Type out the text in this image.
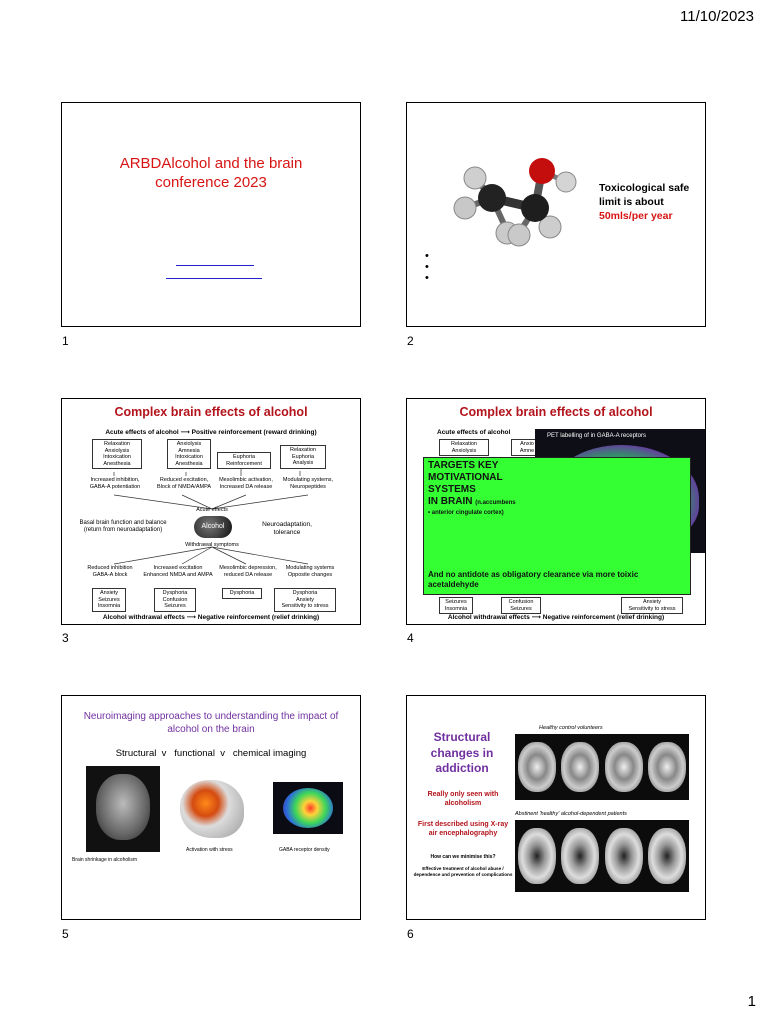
11/10/2023
ARBDAlcohol and the brain conference 2023
1
Toxicological safe
limit is about
50mls/per year
•
•
•
2
Complex brain effects of alcohol
Acute effects of alcohol ⟶ Positive reinforcement (reward drinking)
Relaxation
Anxiolysis
Intoxication
Anesthesia
Anxiolysis
Amnesia
Intoxication
Anesthesia
Euphoria
Reinforcement
Relaxation
Euphoria
Analysis
Increased inhibition,
GABA-A potentiation
Reduced excitation,
Block of NMDA/AMPA
Mesolimbic activation,
Increased DA release
Modulating systems,
Neuropeptides
Acute effects
Basal brain function and balance
(return from neuroadaptation)
Alcohol	Neuroadaptation,
tolerance
Withdrawal symptoms
Reduced inhibition
GABA-A block
Increased excitation
Enhanced NMDA and AMPA
Mesolimbic depression,
reduced DA release
Modulating systems
Opposite changes
Anxiety
Seizures
Insomnia
Dysphoria
Confusion
Seizures
Dysphoria	Dysphoria
Anxiety
Sensitivity to stress
Alcohol withdrawal effects ⟶ Negative reinforcement (relief drinking)
3
Complex brain effects of alcohol
Acute effects of alcohol
Relaxation
Anxiolysis
Anxio
Amne
PET labelling of in GABA-A receptors
TARGETS KEY
MOTIVATIONAL
SYSTEMS
IN BRAIN (n.accumbens
• anterior cingulate cortex)
And no antidote as obligatory clearance via more toixic acetaldehyde
Seizures
Insomnia
Confusion
Seizures
Anxiety
Sensitivity to stress
Alcohol withdrawal effects ⟶ Negative reinforcement (relief drinking)
4
Neuroimaging approaches to understanding the impact of alcohol on the brain
Structural  v   functional  v   chemical imaging
Brain shrinkage in alcoholism
Activation with stress	GABA receptor density
5
Structural changes in addiction
Really only seen with alcoholism
First described using X-ray air encephalography
How can we minimise this?
Effective treatment of alcohol abuse / dependence and prevention of complications
Healthy control volunteers
Abstinent 'healthy' alcohol-dependent patients
6
1
